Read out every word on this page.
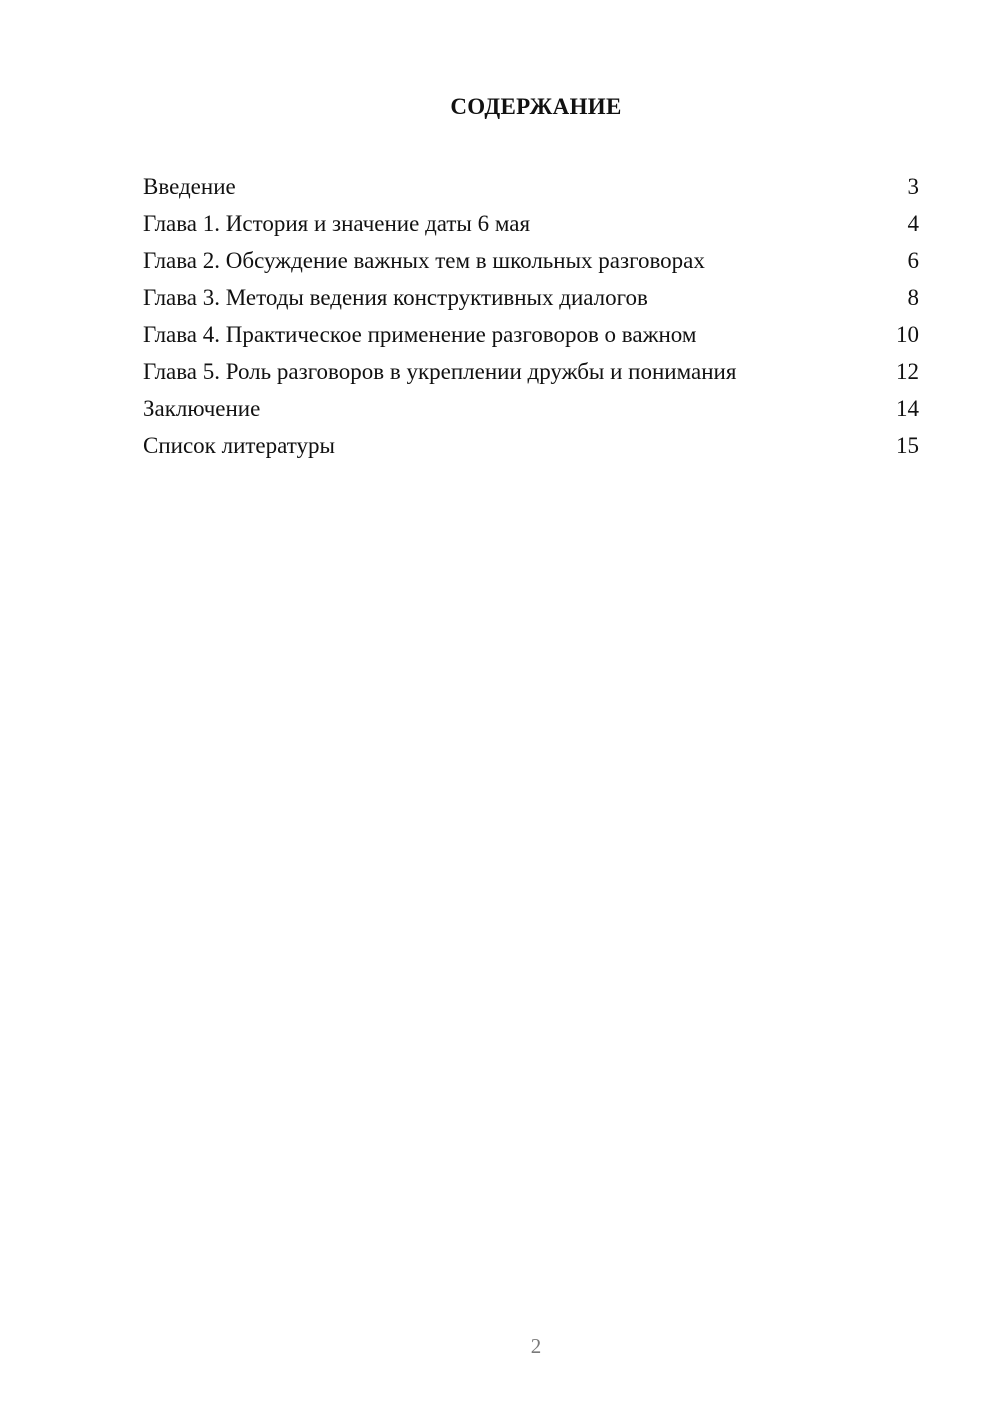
СОДЕРЖАНИЕ
Введение	3
Глава 1. История и значение даты 6 мая	4
Глава 2. Обсуждение важных тем в школьных разговорах	6
Глава 3. Методы ведения конструктивных диалогов	8
Глава 4. Практическое применение разговоров о важном	10
Глава 5. Роль разговоров в укреплении дружбы и понимания	12
Заключение	14
Список литературы	15
2
